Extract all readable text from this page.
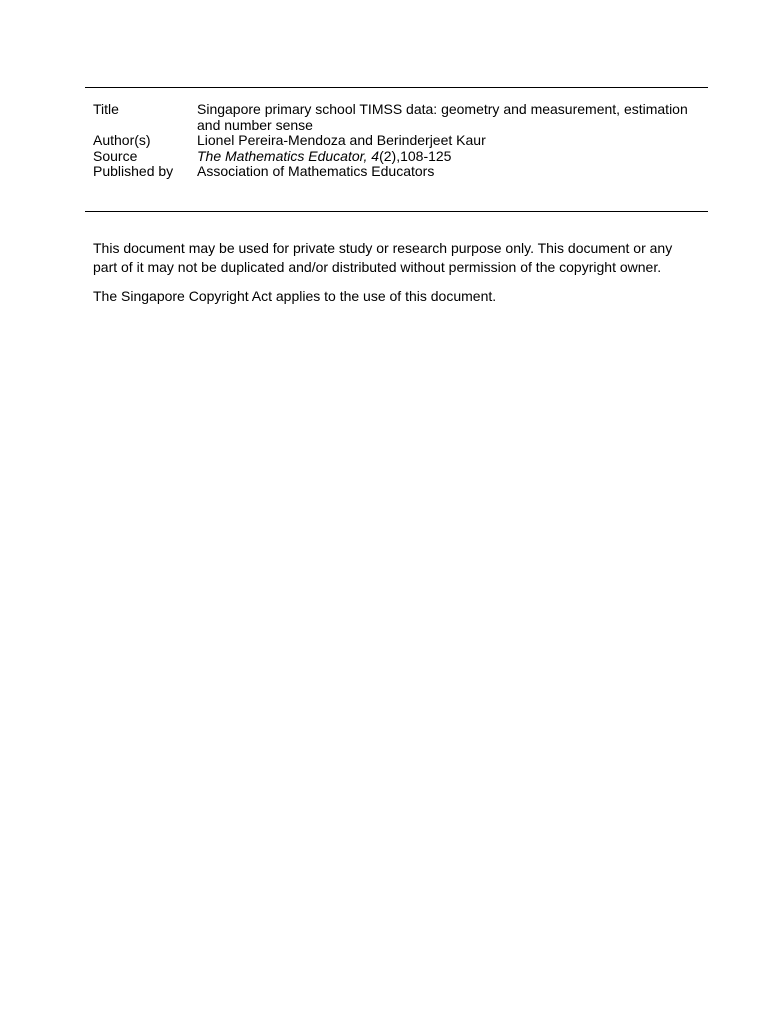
Title	Singapore primary school TIMSS data: geometry and measurement, estimation and number sense
Author(s)	Lionel Pereira-Mendoza and Berinderjeet Kaur
Source	The Mathematics Educator, 4(2),108-125
Published by	Association of Mathematics Educators

This document may be used for private study or research purpose only. This document or any part of it may not be duplicated and/or distributed without permission of the copyright owner.

The Singapore Copyright Act applies to the use of this document.
